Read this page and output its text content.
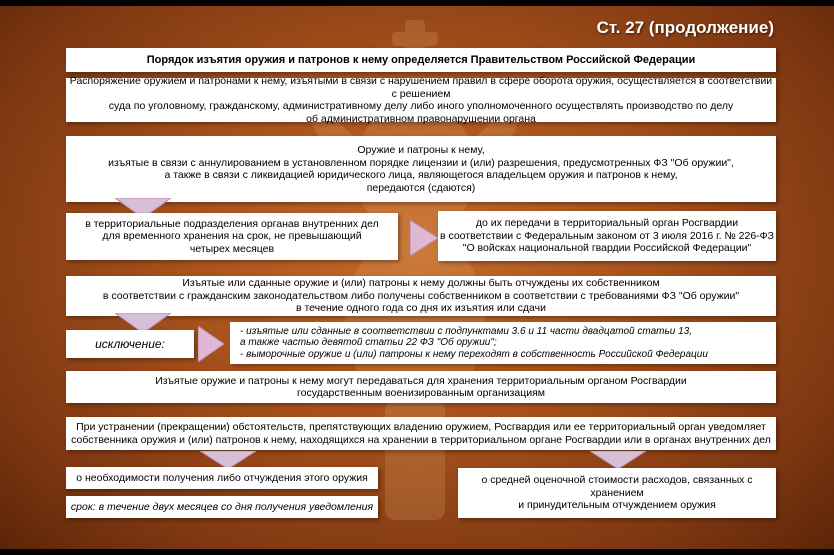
Ст. 27 (продолжение)
Порядок изъятия оружия и патронов к нему определяется Правительством Российской Федерации
Распоряжение оружием и патронами к нему, изъятыми в связи с нарушением правил в сфере оборота оружия, осуществляется в соответствии с решением
суда по уголовному, гражданскому, административному делу либо иного уполномоченного осуществлять производство по делу
об административном правонарушении органа
Оружие и патроны к нему,
изъятые в связи с аннулированием в установленном порядке лицензии и (или) разрешения, предусмотренных ФЗ "Об оружии",
а также в связи с ликвидацией юридического лица, являющегося владельцем оружия и патронов к нему,
передаются (сдаются)
в территориальные подразделения органав внутренних дел
для временного хранения на срок, не превышающий
четырех месяцев
до их передачи в территориальный орган Росгвардии
в соответствии с Федеральным законом от 3 июля 2016 г. № 226-ФЗ
"О войсках национальной гвардии Российской Федерации"
Изъятые или сданные оружие и (или) патроны к нему должны быть отчуждены их собственником
в соответствии с гражданским законодательством либо получены собственником в соответствии с требованиями ФЗ "Об оружии"
в течение одного года со дня их изъятия или сдачи
исключение:
- изъятые или сданные в соответствии с подпунктами 3.6 и 11 части двадцатой статьи 13,
а также частью девятой статьи 22 ФЗ "Об оружии";
- выморочные оружие и (или) патроны к нему переходят в собственность Российской Федерации
Изъятые оружие и патроны к нему могут передаваться для хранения территориальным органом Росгвардии
государственным военизированным организациям
При устранении (прекращении) обстоятельств, препятствующих владению оружием, Росгвардия или ее территориальный орган уведомляет
собственника оружия и (или) патронов к нему, находящихся на хранении в территориальном органе Росгвардии или в органах внутренних дел
о необходимости получения либо отчуждения этого оружия
срок: в течение двух месяцев со дня получения уведомления
о средней оценочной стоимости расходов, связанных с хранением
и принудительным отчуждением оружия
